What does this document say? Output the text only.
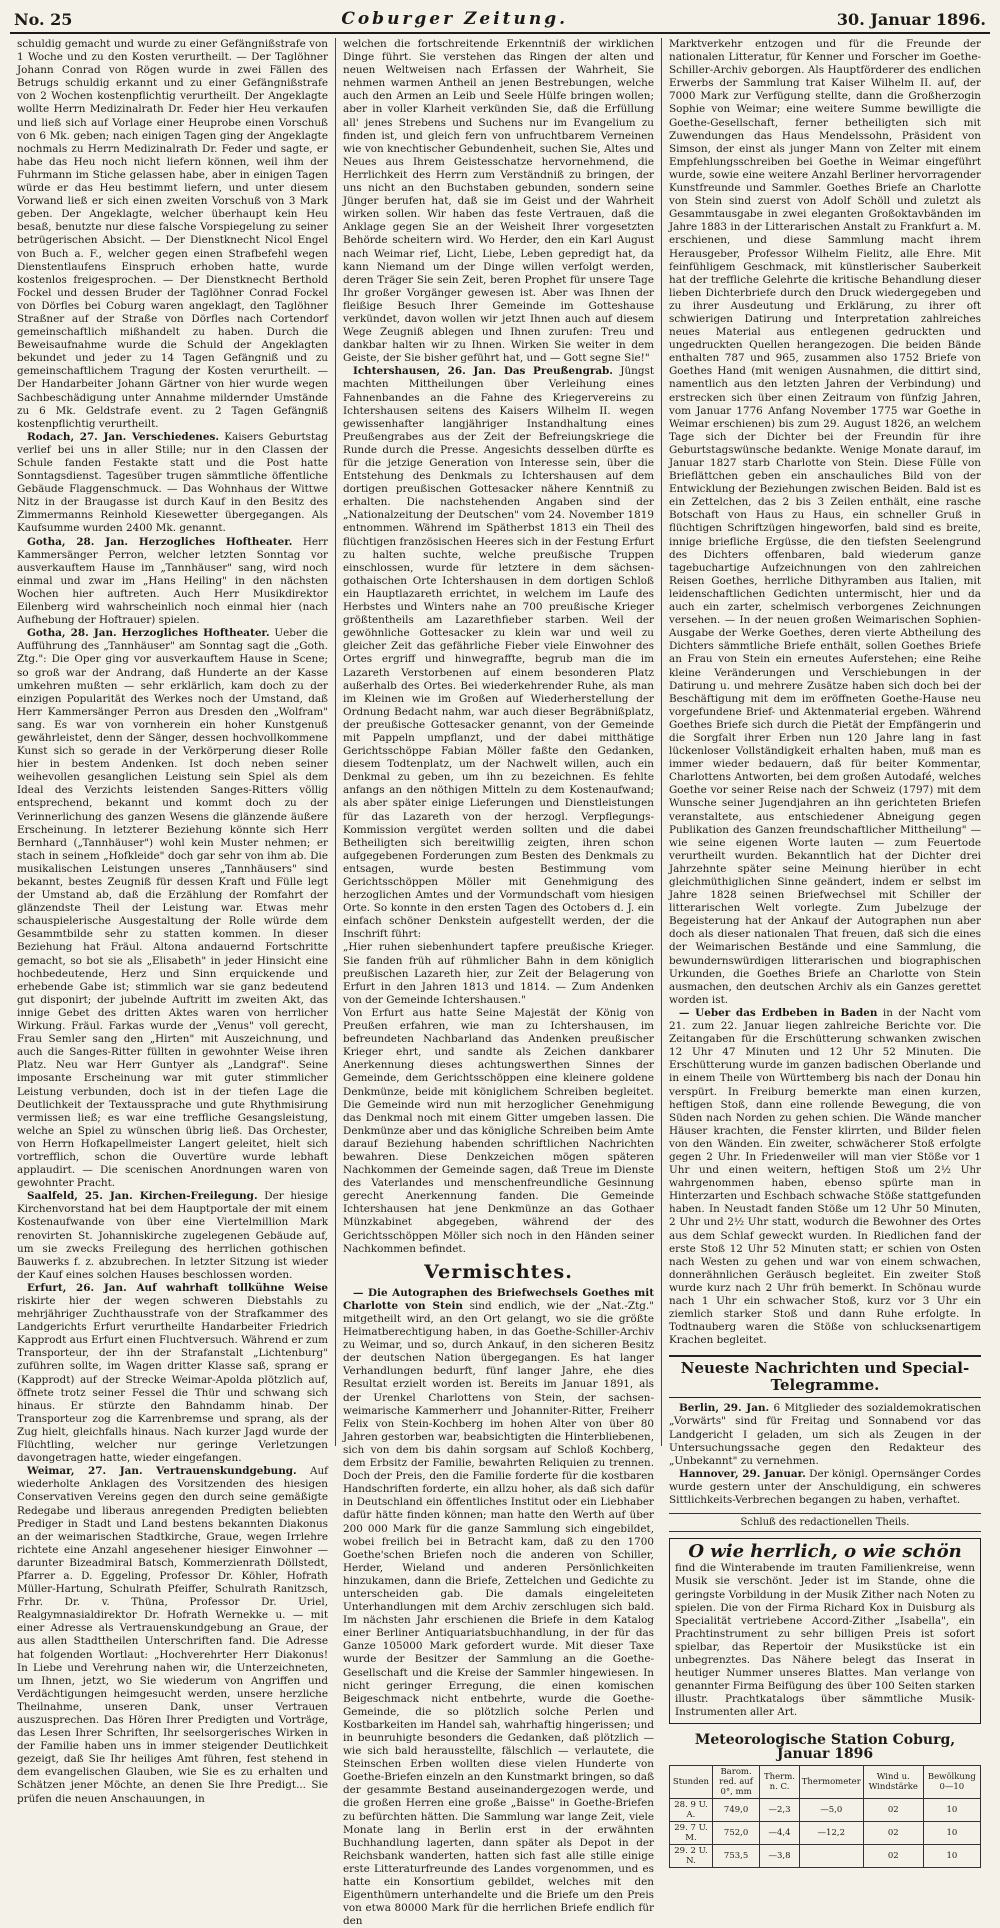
No. 25	Coburger Zeitung.	30. Januar 1896.

schuldig gemacht und wurde zu einer Gefängnißstrafe von 1 Woche und zu den Kosten verurtheilt. — Der Taglöhner Johann Conrad von Rögen wurde in zwei Fällen des Betrugs schuldig erkannt und zu einer Gefängnißstrafe von 2 Wochen kostenpflichtig verurtheilt. Der Angeklagte wollte Herrn Medizinalrath Dr. Feder hier Heu verkaufen und ließ sich auf Vorlage einer Heuprobe einen Vorschuß von 6 Mk. geben; nach einigen Tagen ging der Angeklagte nochmals zu Herrn Medizinalrath Dr. Feder und sagte, er habe das Heu noch nicht liefern können, weil ihm der Fuhrmann im Stiche gelassen habe, aber in einigen Tagen würde er das Heu bestimmt liefern, und unter diesem Vorwand ließ er sich einen zweiten Vorschuß von 3 Mark geben. Der Angeklagte, welcher überhaupt kein Heu besaß, benutzte nur diese falsche Vorspiegelung zu seiner betrügerischen Absicht. — Der Dienstknecht Nicol Engel von Buch a. F., welcher gegen einen Strafbefehl wegen Dienstentlaufens Einspruch erhoben hatte, wurde kostenlos freigesprochen. — Der Dienstknecht Berthold Fockel und dessen Bruder der Taglöhner Conrad Fockel von Dörfles bei Coburg waren angeklagt, den Taglöhner Straßner auf der Straße von Dörfles nach Cortendorf gemeinschaftlich mißhandelt zu haben. Durch die Beweisaufnahme wurde die Schuld der Angeklagten bekundet und jeder zu 14 Tagen Gefängniß und zu gemeinschaftlichem Tragung der Kosten verurtheilt. — Der Handarbeiter Johann Gärtner von hier wurde wegen Sachbeschädigung unter Annahme mildernder Umstände zu 6 Mk. Geldstrafe event. zu 2 Tagen Gefängniß kostenpflichtig verurtheilt.

Rodach, 27. Jan. Verschiedenes. Kaisers Geburtstag verlief bei uns in aller Stille; nur in den Classen der Schule fanden Festakte statt und die Post hatte Sonntagsdienst. Tagesüber trugen sämmtliche öffentliche Gebäude Flaggenschmuck. — Das Wohnhaus der Wittwe Nitz in der Braugasse ist durch Kauf in den Besitz des Zimmermanns Reinhold Kiesewetter übergegangen. Als Kaufsumme wurden 2400 Mk. genannt.

Gotha, 28. Jan. Herzogliches Hoftheater. Herr Kammersänger Perron, welcher letzten Sonntag vor ausverkauftem Hause im „Tannhäuser" sang, wird noch einmal und zwar im „Hans Heiling" in den nächsten Wochen hier auftreten. Auch Herr Musikdirektor Eilenberg wird wahrscheinlich noch einmal hier (nach Aufhebung der Hoftrauer) spielen.

Gotha, 28. Jan. Herzogliches Hoftheater. Ueber die Aufführung des „Tannhäuser" am Sonntag sagt die „Goth. Ztg.": Die Oper ging vor ausverkauftem Hause in Scene; so groß war der Andrang, daß Hunderte an der Kasse umkehren mußten — sehr erklärlich, kam doch zu der einzigen Popularität des Werkes noch der Umstand, daß Herr Kammersänger Perron aus Dresden den „Wolfram" sang. Es war von vornherein ein hoher Kunstgenuß gewährleistet, denn der Sänger, dessen hochvollkommene Kunst sich so gerade in der Verkörperung dieser Rolle hier in bestem Andenken. Ist doch neben seiner weihevollen gesanglichen Leistung sein Spiel als dem Ideal des Verzichts leistenden Sanges-Ritters völlig entsprechend, bekannt und kommt doch zu der Verinnerlichung des ganzen Wesens die glänzende äußere Erscheinung. In letzterer Beziehung könnte sich Herr Bernhard („Tannhäuser") wohl kein Muster nehmen; er stach in seinem „Hofkleide" doch gar sehr von ihm ab. Die musikalischen Leistungen unseres „Tannhäusers" sind bekannt, bestes Zeugniß für dessen Kraft und Fülle legt der Umstand ab, daß die Erzählung der Romfahrt der glänzendste Theil der Leistung war. Etwas mehr schauspielerische Ausgestaltung der Rolle würde dem Gesammtbilde sehr zu statten kommen. In dieser Beziehung hat Fräul. Altona andauernd Fortschritte gemacht, so bot sie als „Elisabeth" in jeder Hinsicht eine hochbedeutende, Herz und Sinn erquickende und erhebende Gabe ist; stimmlich war sie ganz bedeutend gut disponirt; der jubelnde Auftritt im zweiten Akt, das innige Gebet des dritten Aktes waren von herrlicher Wirkung. Fräul. Farkas wurde der „Venus" voll gerecht, Frau Semler sang den „Hirten" mit Auszeichnung, und auch die Sanges-Ritter füllten in gewohnter Weise ihren Platz. Neu war Herr Guntyer als „Landgraf". Seine imposante Erscheinung war mit guter stimmlicher Leistung verbunden, doch ist in der tiefen Lage die Deutlichkeit der Textaussprache und gute Rhythmisirung vermissen ließ; es war eine treffliche Gesangsleistung, welche an Spiel zu wünschen übrig ließ. Das Orchester, von Herrn Hofkapellmeister Langert geleitet, hielt sich vortrefflich, schon die Ouvertüre wurde lebhaft applaudirt. — Die scenischen Anordnungen waren von gewohnter Pracht.

Saalfeld, 25. Jan. Kirchen-Freilegung. Der hiesige Kirchenvorstand hat bei dem Hauptportale der mit einem Kostenaufwande von über eine Viertelmillion Mark renovirten St. Johanniskirche zugelegenen Gebäude auf, um sie zwecks Freilegung des herrlichen gothischen Bauwerks f. z. abzubrechen. In letzter Sitzung ist wieder der Kauf eines solchen Hauses beschlossen worden.

Erfurt, 26. Jan. Auf wahrhaft tollkühne Weise riskirte hier der wegen schweren Diebstahls zu mehrjähriger Zuchthausstrafe von der Strafkammer des Landgerichts Erfurt verurtheilte Handarbeiter Friedrich Kapprodt aus Erfurt einen Fluchtversuch. Während er zum Transporteur, der ihn der Strafanstalt „Lichtenburg" zuführen sollte, im Wagen dritter Klasse saß, sprang er (Kapprodt) auf der Strecke Weimar-Apolda plötzlich auf, öffnete trotz seiner Fessel die Thür und schwang sich hinaus. Er stürzte den Bahndamm hinab. Der Transporteur zog die Karrenbremse und sprang, als der Zug hielt, gleichfalls hinaus. Nach kurzer Jagd wurde der Flüchtling, welcher nur geringe Verletzungen davongetragen hatte, wieder eingefangen.

Weimar, 27. Jan. Vertrauenskundgebung. Auf wiederholte Anklagen des Vorsitzenden des hiesigen Conservativen Vereins gegen den durch seine gemäßigte Redegabe und liberaus anregenden Predigten beliebten Prediger in Stadt und Land bestens bekannten Diakonus an der weimarischen Stadtkirche, Graue, wegen Irrlehre richtete eine Anzahl angesehener hiesiger Einwohner — darunter Bizeadmiral Batsch, Kommerzienrath Döllstedt, Pfarrer a. D. Eggeling, Professor Dr. Köhler, Hofrath Müller-Hartung, Schulrath Pfeiffer, Schulrath Ranitzsch, Frhr. Dr. v. Thüna, Professor Dr. Uriel, Realgymnasialdirektor Dr. Hofrath Wernekke u. — mit einer Adresse als Vertrauenskundgebung an Graue, der aus allen Stadttheilen Unterschriften fand. Die Adresse hat folgenden Wortlaut: „Hochverehrter Herr Diakonus! In Liebe und Verehrung nahen wir, die Unterzeichneten, um Ihnen, jetzt, wo Sie wiederum von Angriffen und Verdächtigungen heimgesucht werden, unsere herzliche Theilnahme, unseren Dank, unser Vertrauen auszusprechen. Das Hören Ihrer Predigten und Vorträge, das Lesen Ihrer Schriften, Ihr seelsorgerisches Wirken in der Familie haben uns in immer steigender Deutlichkeit gezeigt, daß Sie Ihr heiliges Amt führen, fest stehend in dem evangelischen Glauben, wie Sie es zu erhalten und Schätzen jener Möchte, an denen Sie Ihre Predigt... Sie prüfen die neuen Anschauungen, in

welchen die fortschreitende Erkenntniß der wirklichen Dinge führt. Sie verstehen das Ringen der alten und neuen Weltweisen nach Erfassen der Wahrheit, Sie nehmen warmen Antheil an jenen Bestrebungen, welche auch den Armen an Leib und Seele Hülfe bringen wollen; aber in voller Klarheit verkünden Sie, daß die Erfüllung all' jenes Strebens und Suchens nur im Evangelium zu finden ist, und gleich fern von unfruchtbarem Verneinen wie von knechtischer Gebundenheit, suchen Sie, Altes und Neues aus Ihrem Geistesschatze hervornehmend, die Herrlichkeit des Herrn zum Verständniß zu bringen, der uns nicht an den Buchstaben gebunden, sondern seine Jünger berufen hat, daß sie im Geist und der Wahrheit wirken sollen. Wir haben das feste Vertrauen, daß die Anklage gegen Sie an der Weisheit Ihrer vorgesetzten Behörde scheitern wird. Wo Herder, den ein Karl August nach Weimar rief, Licht, Liebe, Leben gepredigt hat, da kann Niemand um der Dinge willen verfolgt werden, deren Träger Sie sein Zeit, beren Prophet für unsere Tage Ihr großer Vorgänger gewesen ist. Aber was Ihnen der fleißige Besuch Ihrer Gemeinde im Gotteshause verkündet, davon wollen wir jetzt Ihnen auch auf diesem Wege Zeugniß ablegen und Ihnen zurufen: Treu und dankbar halten wir zu Ihnen. Wirken Sie weiter in dem Geiste, der Sie bisher geführt hat, und — Gott segne Sie!"

Ichtershausen, 26. Jan. Das Preußengrab. Jüngst machten Mittheilungen über Verleihung eines Fahnenbandes an die Fahne des Kriegervereins zu Ichtershausen seitens des Kaisers Wilhelm II. wegen gewissenhafter langjähriger Instandhaltung eines Preußengrabes aus der Zeit der Befreiungskriege die Runde durch die Presse. Angesichts desselben dürfte es für die jetzige Generation von Interesse sein, über die Entstehung des Denkmals zu Ichtershausen auf dem dortigen preußischen Gottesacker nähere Kenntniß zu erhalten. Die nachstehenden Angaben sind der „Nationalzeitung der Deutschen" vom 24. November 1819 entnommen. Während im Spätherbst 1813 ein Theil des flüchtigen französischen Heeres sich in der Festung Erfurt zu halten suchte, welche preußische Truppen einschlossen, wurde für letztere in dem sächsen-gothaischen Orte Ichtershausen in dem dortigen Schloß ein Hauptlazareth errichtet, in welchem im Laufe des Herbstes und Winters nahe an 700 preußische Krieger größtentheils am Lazarethfieber starben. Weil der gewöhnliche Gottesacker zu klein war und weil zu gleicher Zeit das gefährliche Fieber viele Einwohner des Ortes ergriff und hinwegraffte, begrub man die im Lazareth Verstorbenen auf einem besonderen Platz außerhalb des Ortes. Bei wiederkehrender Ruhe, als man im Kleinen wie im Großen auf Wiederherstellung der Ordnung Bedacht nahm, war auch dieser Begräbnißplatz, der preußische Gottesacker genannt, von der Gemeinde mit Pappeln umpflanzt, und der dabei mitthätige Gerichtsschöppe Fabian Möller faßte den Gedanken, diesem Todtenplatz, um der Nachwelt willen, auch ein Denkmal zu geben, um ihn zu bezeichnen. Es fehlte anfangs an den nöthigen Mitteln zu dem Kostenaufwand; als aber später einige Lieferungen und Dienstleistungen für das Lazareth von der herzogl. Verpflegungs-Kommission vergütet werden sollten und die dabei Betheiligten sich bereitwillig zeigten, ihren schon aufgegebenen Forderungen zum Besten des Denkmals zu entsagen, wurde besten Bestimmung vom Gerichtsschöppen Möller mit Genehmigung des herzoglichen Amtes und der Vormundschaft vom hiesigen Orte. So konnte in den ersten Tagen des Octobers d. J. ein einfach schöner Denkstein aufgestellt werden, der die Inschrift führt:

„Hier ruhen siebenhundert tapfere preußische Krieger. Sie fanden früh auf rühmlicher Bahn in dem königlich preußischen Lazareth hier, zur Zeit der Belagerung von Erfurt in den Jahren 1813 und 1814. — Zum Andenken von der Gemeinde Ichtershausen."

Von Erfurt aus hatte Seine Majestät der König von Preußen erfahren, wie man zu Ichtershausen, im befreundeten Nachbarland das Andenken preußischer Krieger ehrt, und sandte als Zeichen dankbarer Anerkennung dieses achtungswerthen Sinnes der Gemeinde, dem Gerichtsschöppen eine kleinere goldene Denkmünze, beide mit königlichem Schreiben begleitet. Die Gemeinde wird nun mit herzoglicher Genehmigung das Denkmal noch mit einem Gitter umgeben lassen. Die Denkmünze aber und das königliche Schreiben beim Amte darauf Beziehung habenden schriftlichen Nachrichten bewahren. Diese Denkzeichen mögen späteren Nachkommen der Gemeinde sagen, daß Treue im Dienste des Vaterlandes und menschenfreundliche Gesinnung gerecht Anerkennung fanden. Die Gemeinde Ichtershausen hat jene Denkmünze an das Gothaer Münzkabinet abgegeben, während der des Gerichtsschöppen Möller sich noch in den Händen seiner Nachkommen befindet.

Vermischtes.

— Die Autographen des Briefwechsels Goethes mit Charlotte von Stein sind endlich, wie der „Nat.-Ztg." mitgetheilt wird, an den Ort gelangt, wo sie die größte Heimatberechtigung haben, in das Goethe-Schiller-Archiv zu Weimar, und so, durch Ankauf, in den sicheren Besitz der deutschen Nation übergegangen. Es hat langer Verhandlungen bedurft, fünf langer Jahre, ehe dies Resultat erzielt worden ist. Bereits im Januar 1891, als der Urenkel Charlottens von Stein, der sachsen-weimarische Kammerherr und Johanniter-Ritter, Freiherr Felix von Stein-Kochberg im hohen Alter von über 80 Jahren gestorben war, beabsichtigten die Hinterbliebenen, sich von dem bis dahin sorgsam auf Schloß Kochberg, dem Erbsitz der Familie, bewahrten Reliquien zu trennen. Doch der Preis, den die Familie forderte für die kostbaren Handschriften forderte, ein allzu hoher, als daß sich dafür in Deutschland ein öffentliches Institut oder ein Liebhaber dafür hätte finden können; man hatte den Werth auf über 200 000 Mark für die ganze Sammlung sich eingebildet, wobei freilich bei in Betracht kam, daß zu den 1700 Goethe'schen Briefen noch die anderen von Schiller, Herder, Wieland und anderen Persönlichkeiten hinzukamen, dann die Briefe, Zettelchen und Gedichte zu unterscheiden gab. Die damals eingeleiteten Unterhandlungen mit dem Archiv zerschlugen sich bald. Im nächsten Jahr erschienen die Briefe in dem Katalog einer Berliner Antiquariatsbuchhandlung, in der für das Ganze 105000 Mark gefordert wurde. Mit dieser Taxe wurde der Besitzer der Sammlung an die Goethe-Gesellschaft und die Kreise der Sammler hingewiesen. In nicht geringer Erregung, die einen komischen Beigeschmack nicht entbehrte, wurde die Goethe-Gemeinde, die so plötzlich solche Perlen und Kostbarkeiten im Handel sah, wahrhaftig hingerissen; und in beunruhigte besonders die Gedanken, daß plötzlich — wie sich bald herausstellte, fälschlich — verlautete, die Steinschen Erben wollten diese vielen Hunderte von Goethe-Briefen einzeln an den Kunstmarkt bringen, so daß der gesammte Bestand auseinandergezogen werde, und die großen Herren eine große „Baisse" in Goethe-Briefen zu befürchten hätten. Die Sammlung war lange Zeit, viele Monate lang in Berlin erst in der erwähnten Buchhandlung lagerten, dann später als Depot in der Reichsbank wanderten, hatten sich fast alle stille einige erste Litteraturfreunde des Landes vorgenommen, und es hatte ein Konsortium gebildet, welches mit den Eigenthümern unterhandelte und die Briefe um den Preis von etwa 80000 Mark für die herrlichen Briefe endlich für den

Marktverkehr entzogen und für die Freunde der nationalen Litteratur, für Kenner und Forscher im Goethe-Schiller-Archiv geborgen. Als Hauptförderer des endlichen Erwerbs der Sammlung trat Kaiser Wilhelm II. auf, der 7000 Mark zur Verfügung stellte, dann die Großherzogin Sophie von Weimar; eine weitere Summe bewilligte die Goethe-Gesellschaft, ferner betheiligten sich mit Zuwendungen das Haus Mendelssohn, Präsident von Simson, der einst als junger Mann von Zelter mit einem Empfehlungsschreiben bei Goethe in Weimar eingeführt wurde, sowie eine weitere Anzahl Berliner hervorragender Kunstfreunde und Sammler. Goethes Briefe an Charlotte von Stein sind zuerst von Adolf Schöll und zuletzt als Gesammtausgabe in zwei eleganten Großoktavbänden im Jahre 1883 in der Litterarischen Anstalt zu Frankfurt a. M. erschienen, und diese Sammlung macht ihrem Herausgeber, Professor Wilhelm Fielitz, alle Ehre. Mit feinfühligem Geschmack, mit künstlerischer Sauberkeit hat der treffliche Gelehrte die kritische Behandlung dieser lieben Dichterbriefe durch den Druck wiedergegeben und zu ihrer Ausdeutung und Erklärung, zu ihrer oft schwierigen Datirung und Interpretation zahlreiches neues Material aus entlegenen gedruckten und ungedruckten Quellen herangezogen. Die beiden Bände enthalten 787 und 965, zusammen also 1752 Briefe von Goethes Hand (mit wenigen Ausnahmen, die dittirt sind, namentlich aus den letzten Jahren der Verbindung) und erstrecken sich über einen Zeitraum von fünfzig Jahren, vom Januar 1776 Anfang November 1775 war Goethe in Weimar erschienen) bis zum 29. August 1826, an welchem Tage sich der Dichter bei der Freundin für ihre Geburtstagswünsche bedankte. Wenige Monate darauf, im Januar 1827 starb Charlotte von Stein. Diese Fülle von Brieflättchen geben ein anschauliches Bild von der Entwicklung der Beziehungen zwischen Beiden. Bald ist es ein Zettelchen, das 2 bis 3 Zeilen enthält, eine rasche Botschaft von Haus zu Haus, ein schneller Gruß in flüchtigen Schriftzügen hingeworfen, bald sind es breite, innige briefliche Ergüsse, die den tiefsten Seelengrund des Dichters offenbaren, bald wiederum ganze tagebuchartige Aufzeichnungen von den zahlreichen Reisen Goethes, herrliche Dithyramben aus Italien, mit leidenschaftlichen Gedichten untermischt, hier und da auch ein zarter, schelmisch verborgenes Zeichnungen versehen. — In der neuen großen Weimarischen Sophien-Ausgabe der Werke Goethes, deren vierte Abtheilung des Dichters sämmtliche Briefe enthält, sollen Goethes Briefe an Frau von Stein ein erneutes Auferstehen; eine Reihe kleine Veränderungen und Verschiebungen in der Datirung u. und mehrere Zusätze haben sich doch bei der Beschäftigung mit dem im eröffneten Goethe-Hause neu vorgefundene Brief- und Aktenmaterial ergeben. Während Goethes Briefe sich durch die Pietät der Empfängerin und die Sorgfalt ihrer Erben nun 120 Jahre lang in fast lückenloser Vollständigkeit erhalten haben, muß man es immer wieder bedauern, daß für beiter Kommentar, Charlottens Antworten, bei dem großen Autodafé, welches Goethe vor seiner Reise nach der Schweiz (1797) mit dem Wunsche seiner Jugendjahren an ihn gerichteten Briefen veranstaltete, aus entschiedener Abneigung gegen Publikation des Ganzen freundschaftlicher Mittheilung" — wie seine eigenen Worte lauten — zum Feuertode verurtheilt wurden. Bekanntlich hat der Dichter drei Jahrzehnte später seine Meinung hierüber in echt gleichmüthiglichen Sinne geändert, indem er selbst im Jahre 1828 seinen Briefwechsel mit Schiller der litterarischen Welt vorlegte. Zum Jubelzuge der Begeisterung hat der Ankauf der Autographen nun aber doch als dieser nationalen That freuen, daß sich die eines der Weimarischen Bestände und eine Sammlung, die bewundernswürdigen litterarischen und biographischen Urkunden, die Goethes Briefe an Charlotte von Stein ausmachen, den deutschen Archiv als ein Ganzes gerettet worden ist.

— Ueber das Erdbeben in Baden in der Nacht vom 21. zum 22. Januar liegen zahlreiche Berichte vor. Die Zeitangaben für die Erschütterung schwanken zwischen 12 Uhr 47 Minuten und 12 Uhr 52 Minuten. Die Erschütterung wurde im ganzen badischen Oberlande und in einem Theile von Württemberg bis nach der Donau hin verspürt. In Freiburg bemerkte man einen kurzen, heftigen Stoß, dann eine rollende Bewegung, die von Süden nach Norden zu gehen schien. Die Wände mancher Häuser krachten, die Fenster klirrten, und Bilder fielen von den Wänden. Ein zweiter, schwächerer Stoß erfolgte gegen 2 Uhr. In Friedenweiler will man vier Stöße vor 1 Uhr und einen weitern, heftigen Stoß um 2½ Uhr wahrgenommen haben, ebenso spürte man in Hinterzarten und Eschbach schwache Stöße stattgefunden haben. In Neustadt fanden Stöße um 12 Uhr 50 Minuten, 2 Uhr und 2½ Uhr statt, wodurch die Bewohner des Ortes aus dem Schlaf geweckt wurden. In Riedlichen fand der erste Stoß 12 Uhr 52 Minuten statt; er schien von Osten nach Westen zu gehen und war von einem schwachen, donnerähnlichen Geräusch begleitet. Ein zweiter Stoß wurde kurz nach 2 Uhr früh bemerkt. In Schönau wurde nach 1 Uhr ein schwacher Stoß, kurz vor 3 Uhr ein ziemlich starker Stoß und dann Ruhe erfolgte. In Todtnauberg waren die Stöße von schlucksenartigem Krachen begleitet.

Neueste Nachrichten und Special-Telegramme.

Berlin, 29. Jan. 6 Mitglieder des sozialdemokratischen „Vorwärts" sind für Freitag und Sonnabend vor das Landgericht I geladen, um sich als Zeugen in der Untersuchungssache gegen den Redakteur des „Unbekannt" zu vernehmen.

Hannover, 29. Januar. Der königl. Opernsänger Cordes wurde gestern unter der Anschuldigung, ein schweres Sittlichkeits-Verbrechen begangen zu haben, verhaftet.

Schluß des redactionellen Theils.
O wie herrlich, o wie schön

find die Winterabende im trauten Familienkreise, wenn Musik sie verschönt. Jeder ist im Stande, ohne die geringste Vorbildung in der Musik Zither nach Noten zu spielen. Die von der Firma Richard Kox in Duisburg als Specialität vertriebene Accord-Zither „Isabella", ein Prachtinstrument zu sehr billigen Preis ist sofort spielbar, das Repertoir der Musikstücke ist ein unbegrenztes. Das Nähere belegt das Inserat in heutiger Nummer unseres Blattes. Man verlange von genannter Firma Beifügung des über 100 Seiten starken illustr. Prachtkatalogs über sämmtliche Musik-Instrumenten aller Art.

Meteorologische Station Coburg, Januar 1896
Stunden	Barom. red. auf 0°, mm	Therm. n. C.	Thermometer	Wind u. Windstärke	Bewölkung 0—10
28. 9 U. A.	749,0	—2,3	—5,0	02	10
29. 7 U. M.	752,0	—4,4	—12,2	02	10
29. 2 U. N.	753,5	—3,8		02	10
